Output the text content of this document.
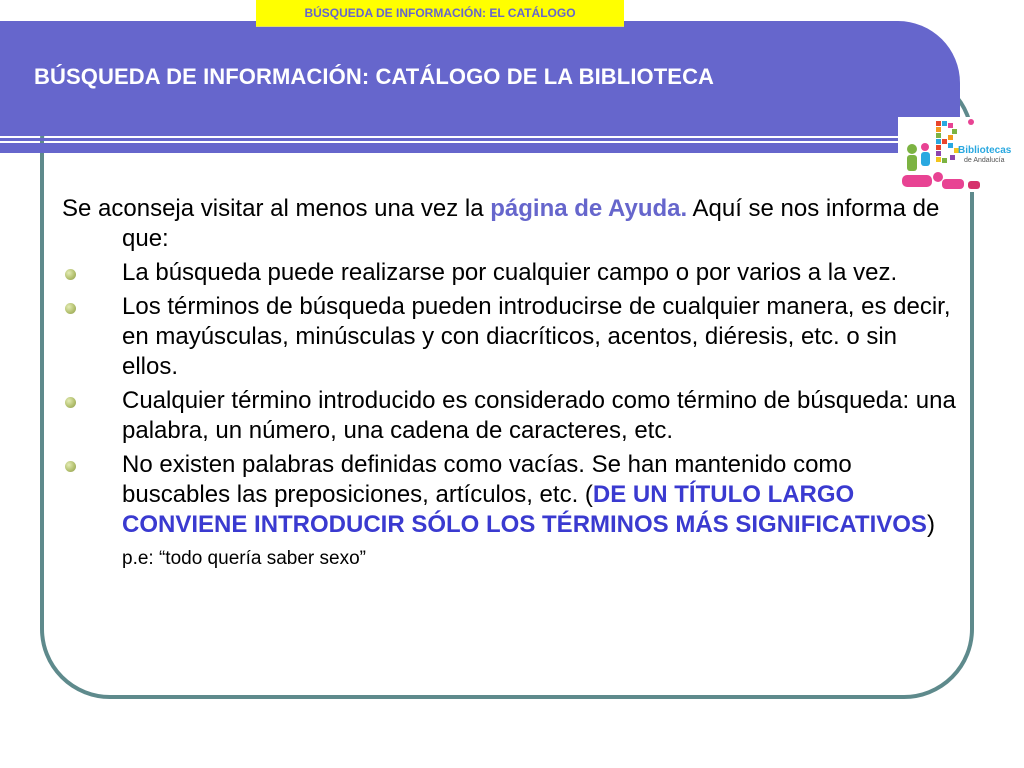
BÚSQUEDA DE INFORMACIÓN: EL CATÁLOGO
BÚSQUEDA DE INFORMACIÓN: CATÁLOGO DE LA BIBLIOTECA
Bibliotecas
de Andalucía

Se aconseja visitar al menos una vez la página de Ayuda. Aquí se nos informa de que:

La búsqueda puede realizarse por cualquier campo o por varios a la vez.
Los términos de búsqueda pueden introducirse de cualquier manera, es decir, en mayúsculas, minúsculas y con diacríticos, acentos, diéresis, etc. o sin ellos.
Cualquier término introducido es considerado como término de búsqueda: una palabra, un número, una cadena de caracteres, etc.
No existen palabras definidas como vacías. Se han mantenido como buscables las preposiciones, artículos, etc. (DE UN TÍTULO LARGO CONVIENE INTRODUCIR SÓLO LOS TÉRMINOS MÁS SIGNIFICATIVOS) p.e: “todo quería saber sexo”
